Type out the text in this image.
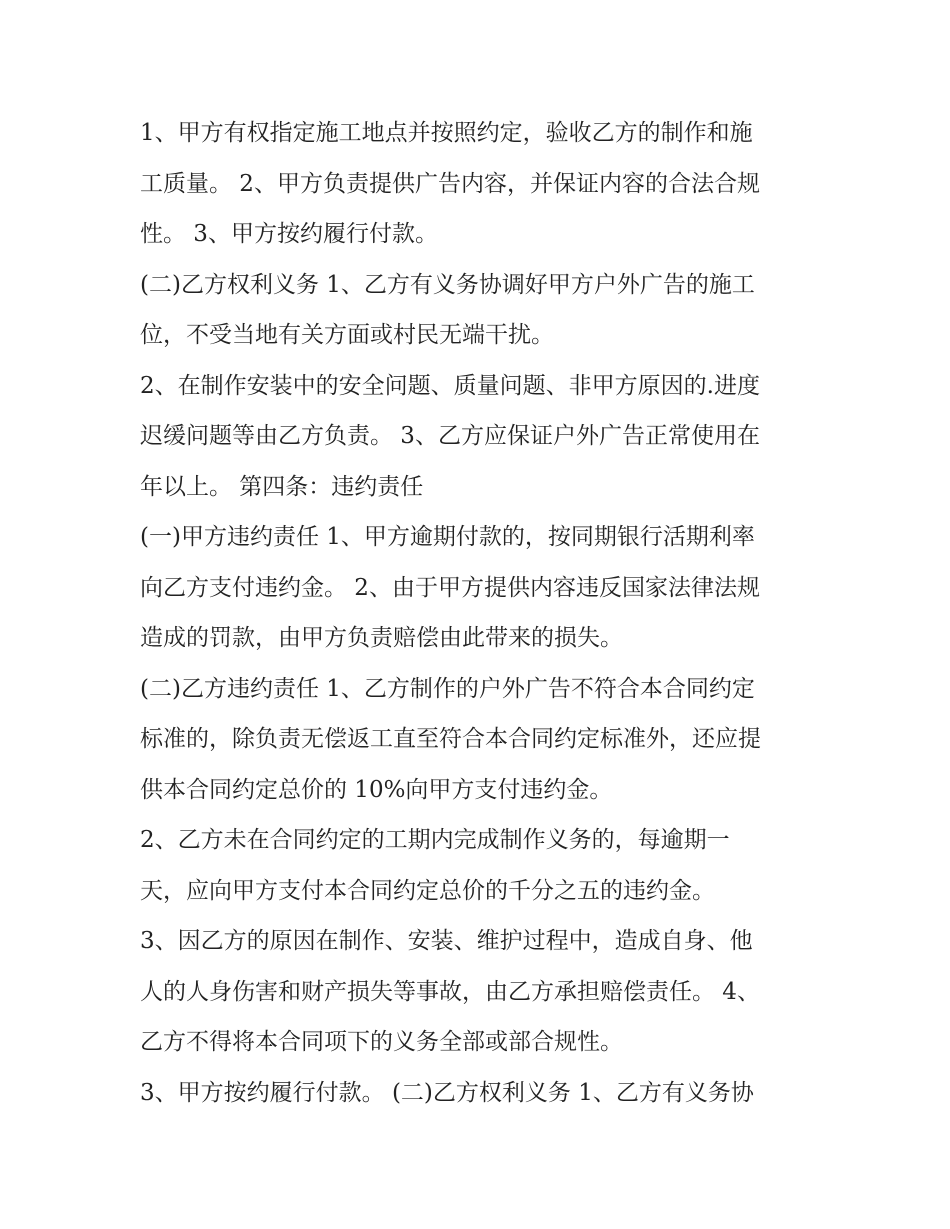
1、甲方有权指定施工地点并按照约定，验收乙方的制作和施
工质量。 2、甲方负责提供广告内容，并保证内容的合法合规
性。 3、甲方按约履行付款。
(二)乙方权利义务 1、乙方有义务协调好甲方户外广告的施工
位，不受当地有关方面或村民无端干扰。
2、在制作安装中的安全问题、质量问题、非甲方原因的.进度
迟缓问题等由乙方负责。 3、乙方应保证户外广告正常使用在
年以上。 第四条：违约责任
(一)甲方违约责任 1、甲方逾期付款的，按同期银行活期利率
向乙方支付违约金。 2、由于甲方提供内容违反国家法律法规
造成的罚款，由甲方负责赔偿由此带来的损失。
(二)乙方违约责任 1、乙方制作的户外广告不符合本合同约定
标准的，除负责无偿返工直至符合本合同约定标准外，还应提
供本合同约定总价的 10%向甲方支付违约金。
2、乙方未在合同约定的工期内完成制作义务的，每逾期一
天，应向甲方支付本合同约定总价的千分之五的违约金。
3、因乙方的原因在制作、安装、维护过程中，造成自身、他
人的人身伤害和财产损失等事故，由乙方承担赔偿责任。 4、
乙方不得将本合同项下的义务全部或部合规性。
3、甲方按约履行付款。 (二)乙方权利义务 1、乙方有义务协
